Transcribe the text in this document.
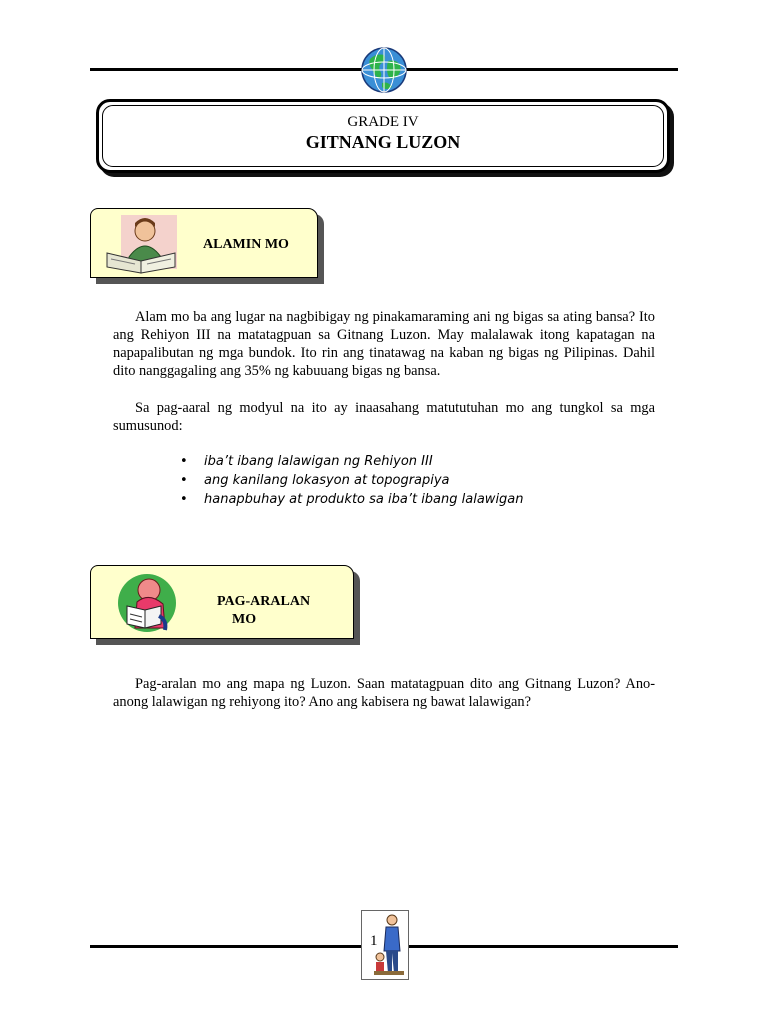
GRADE IV
GITNANG LUZON
ALAMIN MO

Alam mo ba ang lugar na nagbibigay ng pinakamaraming ani ng bigas sa ating bansa? Ito ang Rehiyon III na matatagpuan sa Gitnang Luzon. May malalawak itong kapatagan na napapalibutan ng mga bundok. Ito rin ang tinatawag na kaban ng bigas ng Pilipinas. Dahil dito nanggagaling ang 35% ng kabuuang bigas ng bansa.

Sa pag-aaral ng modyul na ito ay inaasahang matututuhan mo ang tungkol sa mga sumusunod:

• iba’t ibang lalawigan ng Rehiyon III
• ang kanilang lokasyon at topograpiya
• hanapbuhay at produkto sa iba’t ibang lalawigan
PAG-ARALAN
MO

Pag-aralan mo ang mapa ng Luzon. Saan matatagpuan dito ang Gitnang Luzon? Ano-anong lalawigan ng rehiyong ito? Ano ang kabisera ng bawat lalawigan?

1
